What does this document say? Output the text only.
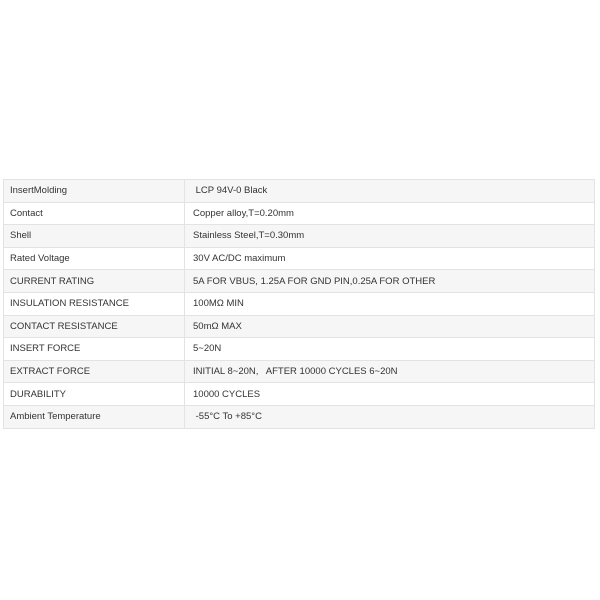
InsertMolding	LCP 94V-0 Black
Contact	Copper alloy,T=0.20mm
Shell	Stainless Steel,T=0.30mm
Rated Voltage	30V AC/DC maximum
CURRENT RATING	5A FOR VBUS, 1.25A FOR GND PIN,0.25A FOR OTHER
INSULATION RESISTANCE	100MΩ MIN
CONTACT RESISTANCE	50mΩ MAX
INSERT FORCE	5~20N
EXTRACT FORCE	INITIAL 8~20N,   AFTER 10000 CYCLES 6~20N
DURABILITY	10000 CYCLES
Ambient Temperature	-55°C To +85°C
